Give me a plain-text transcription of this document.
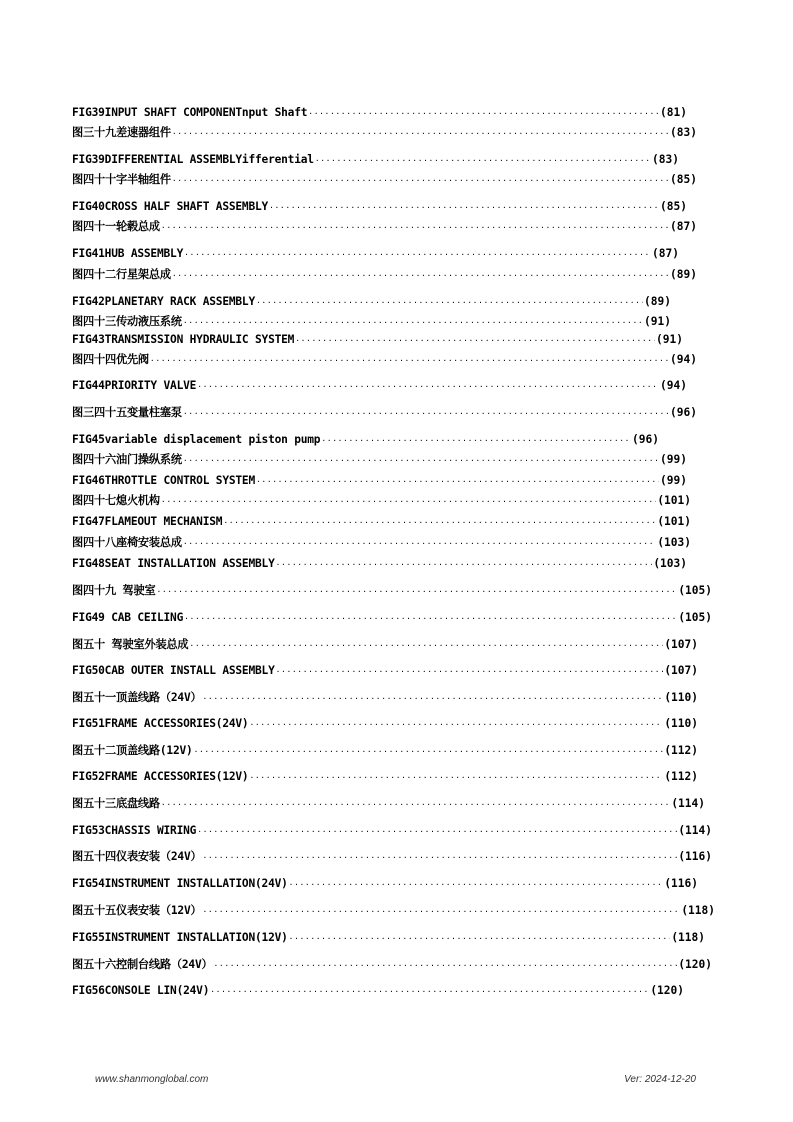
FIG39INPUT SHAFT COMPONENTnput Shaft ·····	(81)
图三十九差速器组件 ·····	(83)
FIG39DIFFERENTIAL ASSEMBLYifferential ·····	(83)
图四十十字半轴组件 ·····	(85)
FIG40CROSS HALF SHAFT ASSEMBLY ·····	(85)
图四十一轮毂总成 ·····	(87)
FIG41HUB ASSEMBLY ·····	(87)
图四十二行星架总成 ·····	(89)
FIG42PLANETARY RACK ASSEMBLY ·····	(89)
图四十三传动液压系统 ·····	(91)
FIG43TRANSMISSION HYDRAULIC SYSTEM ·····	(91)
图四十四优先阀 ·····	(94)
FIG44PRIORITY VALVE ·····	(94)
图三四十五变量柱塞泵 ·····	(96)
FIG45variable displacement piston pump ·····	(96)
图四十六油门操纵系统 ·····	(99)
FIG46THROTTLE CONTROL SYSTEM ·····	(99)
图四十七熄火机构 ·····	(101)
FIG47FLAMEOUT MECHANISM ·····	(101)
图四十八座椅安装总成 ·····	(103)
FIG48SEAT INSTALLATION ASSEMBLY ·····	(103)
图四十九 驾驶室 ·····	(105)
FIG49 CAB CEILING ·····	(105)
图五十 驾驶室外装总成 ·····	(107)
FIG50CAB OUTER INSTALL ASSEMBLY ·····	(107)
图五十一顶盖线路（24V） ·····	(110)
FIG51FRAME ACCESSORIES(24V) ·····	(110)
图五十二顶盖线路(12V) ·····	(112)
FIG52FRAME ACCESSORIES(12V) ·····	(112)
图五十三底盘线路 ·····	(114)
FIG53CHASSIS WIRING ·····	(114)
图五十四仪表安装（24V） ·····	(116)
FIG54INSTRUMENT INSTALLATION(24V) ·····	(116)
图五十五仪表安装（12V） ·····	(118)
FIG55INSTRUMENT INSTALLATION(12V) ·····	(118)
图五十六控制台线路（24V） ·····	(120)
FIG56CONSOLE LIN(24V) ·····	(120)
www.shanmonglobal.com	Ver: 2024-12-20
